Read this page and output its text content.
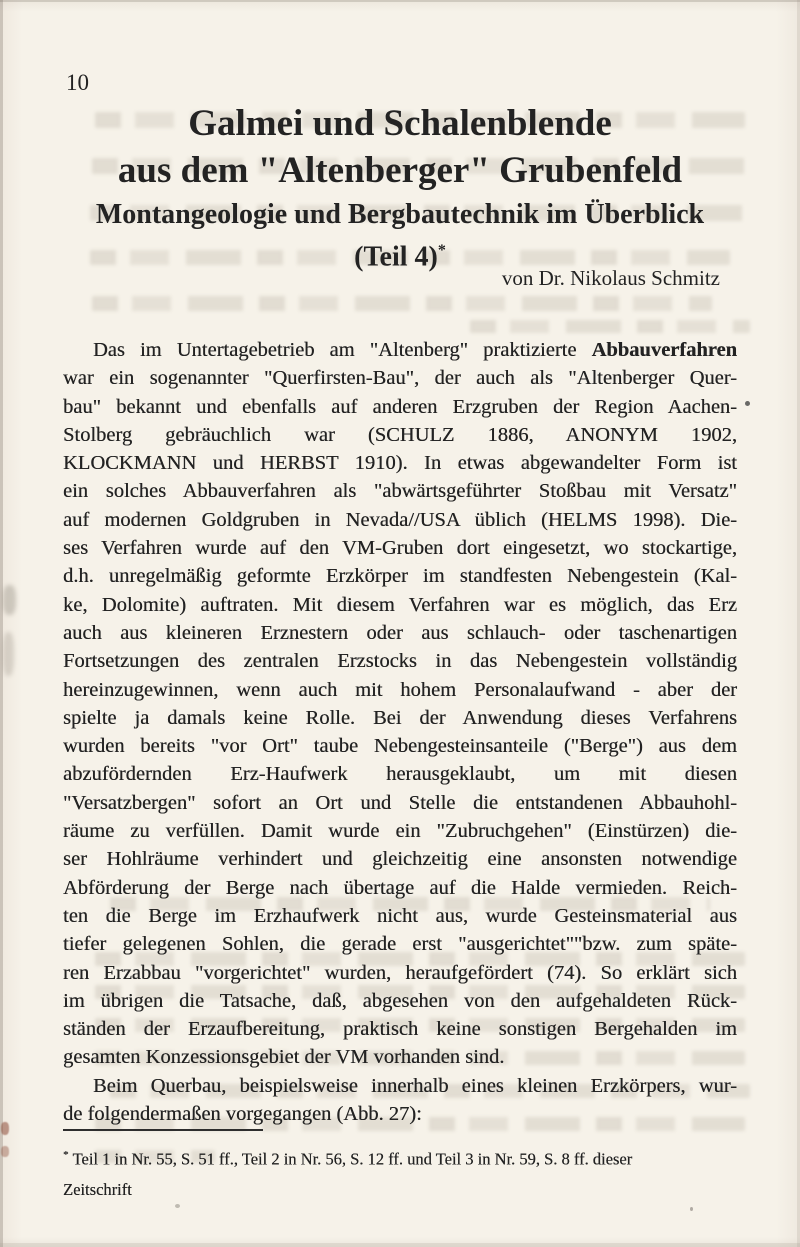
10
Galmei und Schalenblende
aus dem "Altenberger" Grubenfeld
Montangeologie und Bergbautechnik im Überblick
(Teil 4)*
von Dr. Nikolaus Schmitz
Das im Untertagebetrieb am "Altenberg" praktizierte Abbauverfahren
war ein sogenannter "Querfirsten-Bau", der auch als "Altenberger Quer-
bau" bekannt und ebenfalls auf anderen Erzgruben der Region Aachen-
Stolberg gebräuchlich war (SCHULZ 1886, ANONYM 1902,
KLOCKMANN und HERBST 1910). In etwas abgewandelter Form ist
ein solches Abbauverfahren als "abwärtsgeführter Stoßbau mit Versatz"
auf modernen Goldgruben in Nevada//USA üblich (HELMS 1998). Die-
ses Verfahren wurde auf den VM-Gruben dort eingesetzt, wo stockartige,
d.h. unregelmäßig geformte Erzkörper im standfesten Nebengestein (Kal-
ke, Dolomite) auftraten. Mit diesem Verfahren war es möglich, das Erz
auch aus kleineren Erznestern oder aus schlauch- oder taschenartigen
Fortsetzungen des zentralen Erzstocks in das Nebengestein vollständig
hereinzugewinnen, wenn auch mit hohem Personalaufwand - aber der
spielte ja damals keine Rolle. Bei der Anwendung dieses Verfahrens
wurden bereits "vor Ort" taube Nebengesteinsanteile ("Berge") aus dem
abzufördernden Erz-Haufwerk herausgeklaubt, um mit diesen
"Versatzbergen" sofort an Ort und Stelle die entstandenen Abbauhohl-
räume zu verfüllen. Damit wurde ein "Zubruchgehen" (Einstürzen) die-
ser Hohlräume verhindert und gleichzeitig eine ansonsten notwendige
Abförderung der Berge nach übertage auf die Halde vermieden. Reich-
ten die Berge im Erzhaufwerk nicht aus, wurde Gesteinsmaterial aus
tiefer gelegenen Sohlen, die gerade erst "ausgerichtet""bzw. zum späte-
ren Erzabbau "vorgerichtet" wurden, heraufgefördert (74). So erklärt sich
im übrigen die Tatsache, daß, abgesehen von den aufgehaldeten Rück-
ständen der Erzaufbereitung, praktisch keine sonstigen Bergehalden im
gesamten Konzessionsgebiet der VM vorhanden sind.
Beim Querbau, beispielsweise innerhalb eines kleinen Erzkörpers, wur-
de folgendermaßen vorgegangen (Abb. 27):
* Teil 1 in Nr. 55, S. 51 ff., Teil 2 in Nr. 56, S. 12 ff. und Teil 3 in Nr. 59, S. 8 ff. dieser
Zeitschrift
